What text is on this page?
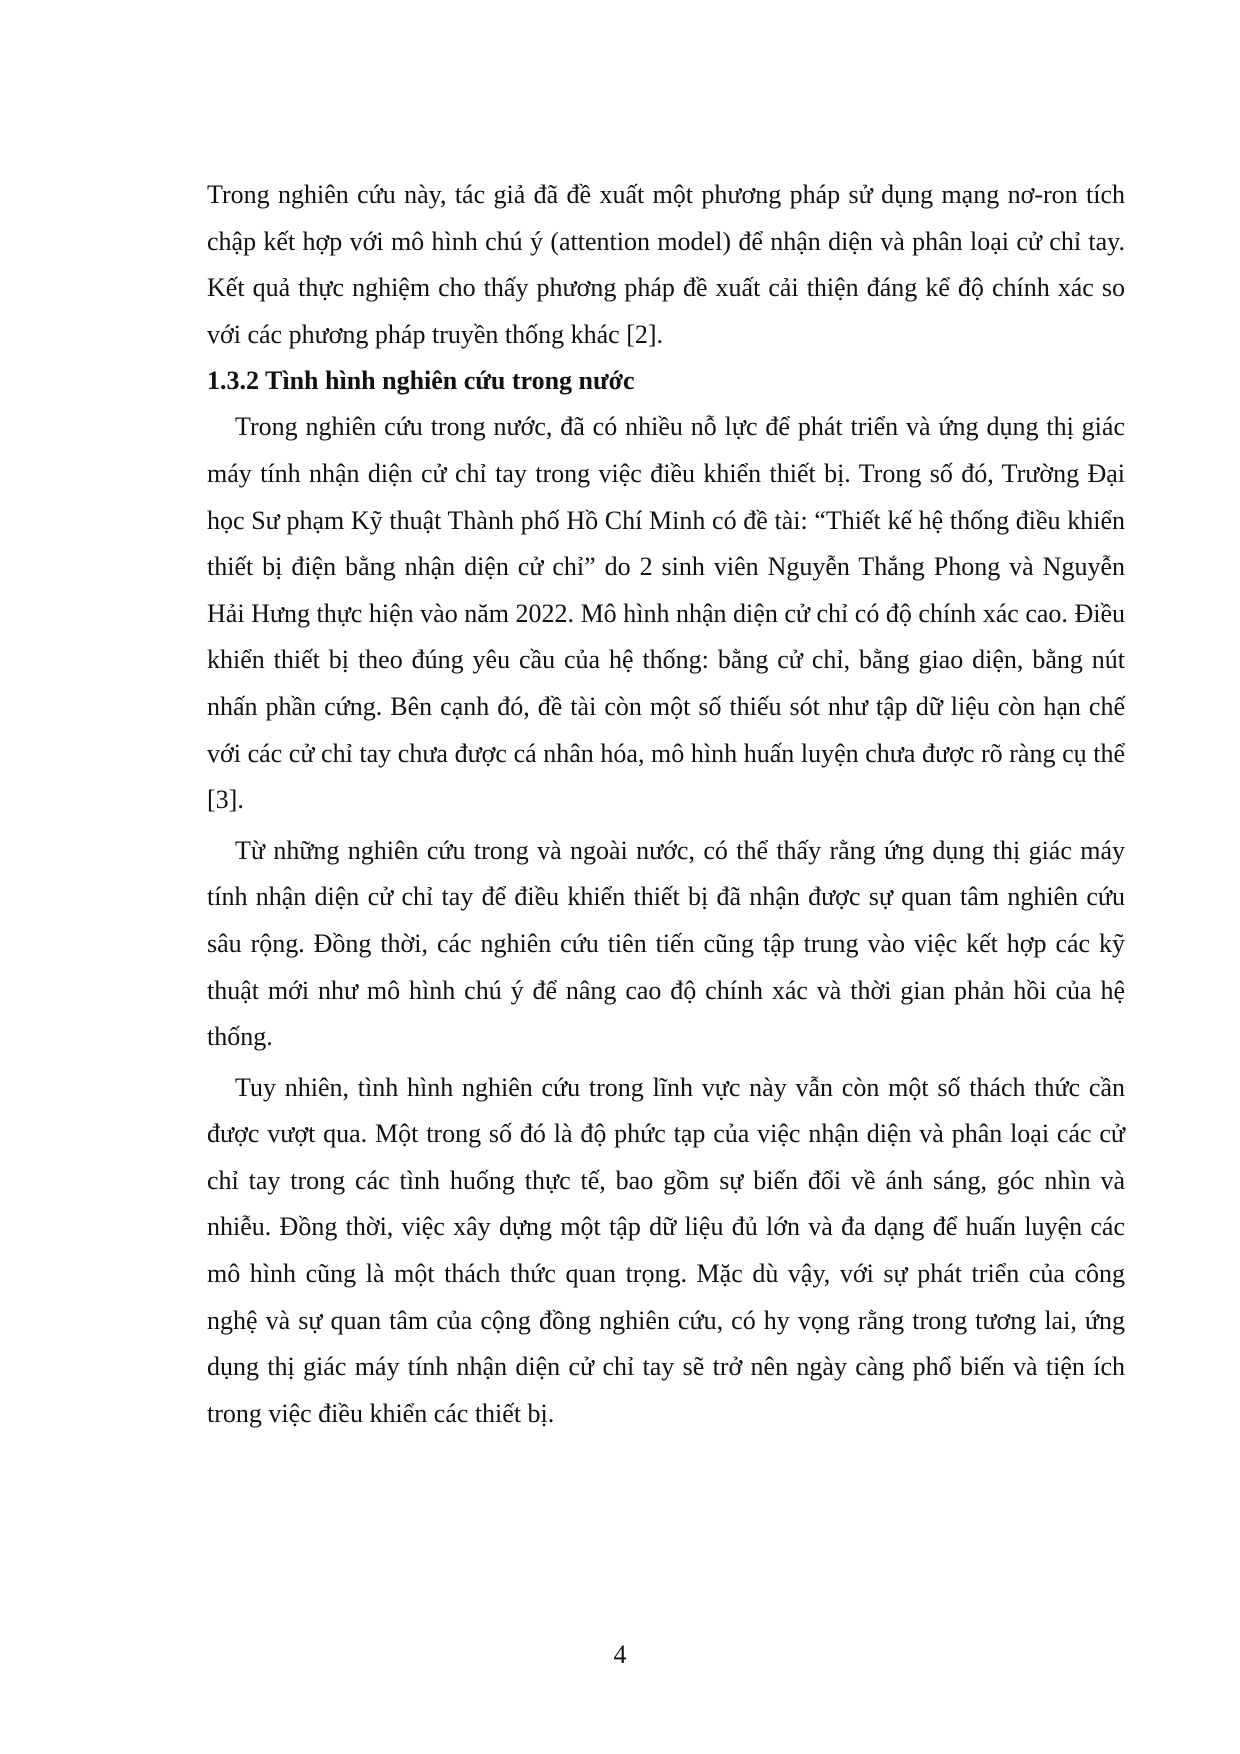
Trong nghiên cứu này, tác giả đã đề xuất một phương pháp sử dụng mạng nơ-ron tích chập kết hợp với mô hình chú ý (attention model) để nhận diện và phân loại cử chỉ tay. Kết quả thực nghiệm cho thấy phương pháp đề xuất cải thiện đáng kể độ chính xác so với các phương pháp truyền thống khác [2].

1.3.2 Tình hình nghiên cứu trong nước

Trong nghiên cứu trong nước, đã có nhiều nỗ lực để phát triển và ứng dụng thị giác máy tính nhận diện cử chỉ tay trong việc điều khiển thiết bị. Trong số đó, Trường Đại học Sư phạm Kỹ thuật Thành phố Hồ Chí Minh có đề tài: “Thiết kế hệ thống điều khiển thiết bị điện bằng nhận diện cử chỉ” do 2 sinh viên Nguyễn Thắng Phong và Nguyễn Hải Hưng thực hiện vào năm 2022. Mô hình nhận diện cử chỉ có độ chính xác cao. Điều khiển thiết bị theo đúng yêu cầu của hệ thống: bằng cử chỉ, bằng giao diện, bằng nút nhấn phần cứng. Bên cạnh đó, đề tài còn một số thiếu sót như tập dữ liệu còn hạn chế với các cử chỉ tay chưa được cá nhân hóa, mô hình huấn luyện chưa được rõ ràng cụ thể [3].

Từ những nghiên cứu trong và ngoài nước, có thể thấy rằng ứng dụng thị giác máy tính nhận diện cử chỉ tay để điều khiển thiết bị đã nhận được sự quan tâm nghiên cứu sâu rộng. Đồng thời, các nghiên cứu tiên tiến cũng tập trung vào việc kết hợp các kỹ thuật mới như mô hình chú ý để nâng cao độ chính xác và thời gian phản hồi của hệ thống.

Tuy nhiên, tình hình nghiên cứu trong lĩnh vực này vẫn còn một số thách thức cần được vượt qua. Một trong số đó là độ phức tạp của việc nhận diện và phân loại các cử chỉ tay trong các tình huống thực tế, bao gồm sự biến đổi về ánh sáng, góc nhìn và nhiễu. Đồng thời, việc xây dựng một tập dữ liệu đủ lớn và đa dạng để huấn luyện các mô hình cũng là một thách thức quan trọng. Mặc dù vậy, với sự phát triển của công nghệ và sự quan tâm của cộng đồng nghiên cứu, có hy vọng rằng trong tương lai, ứng dụng thị giác máy tính nhận diện cử chỉ tay sẽ trở nên ngày càng phổ biến và tiện ích trong việc điều khiển các thiết bị.

4
